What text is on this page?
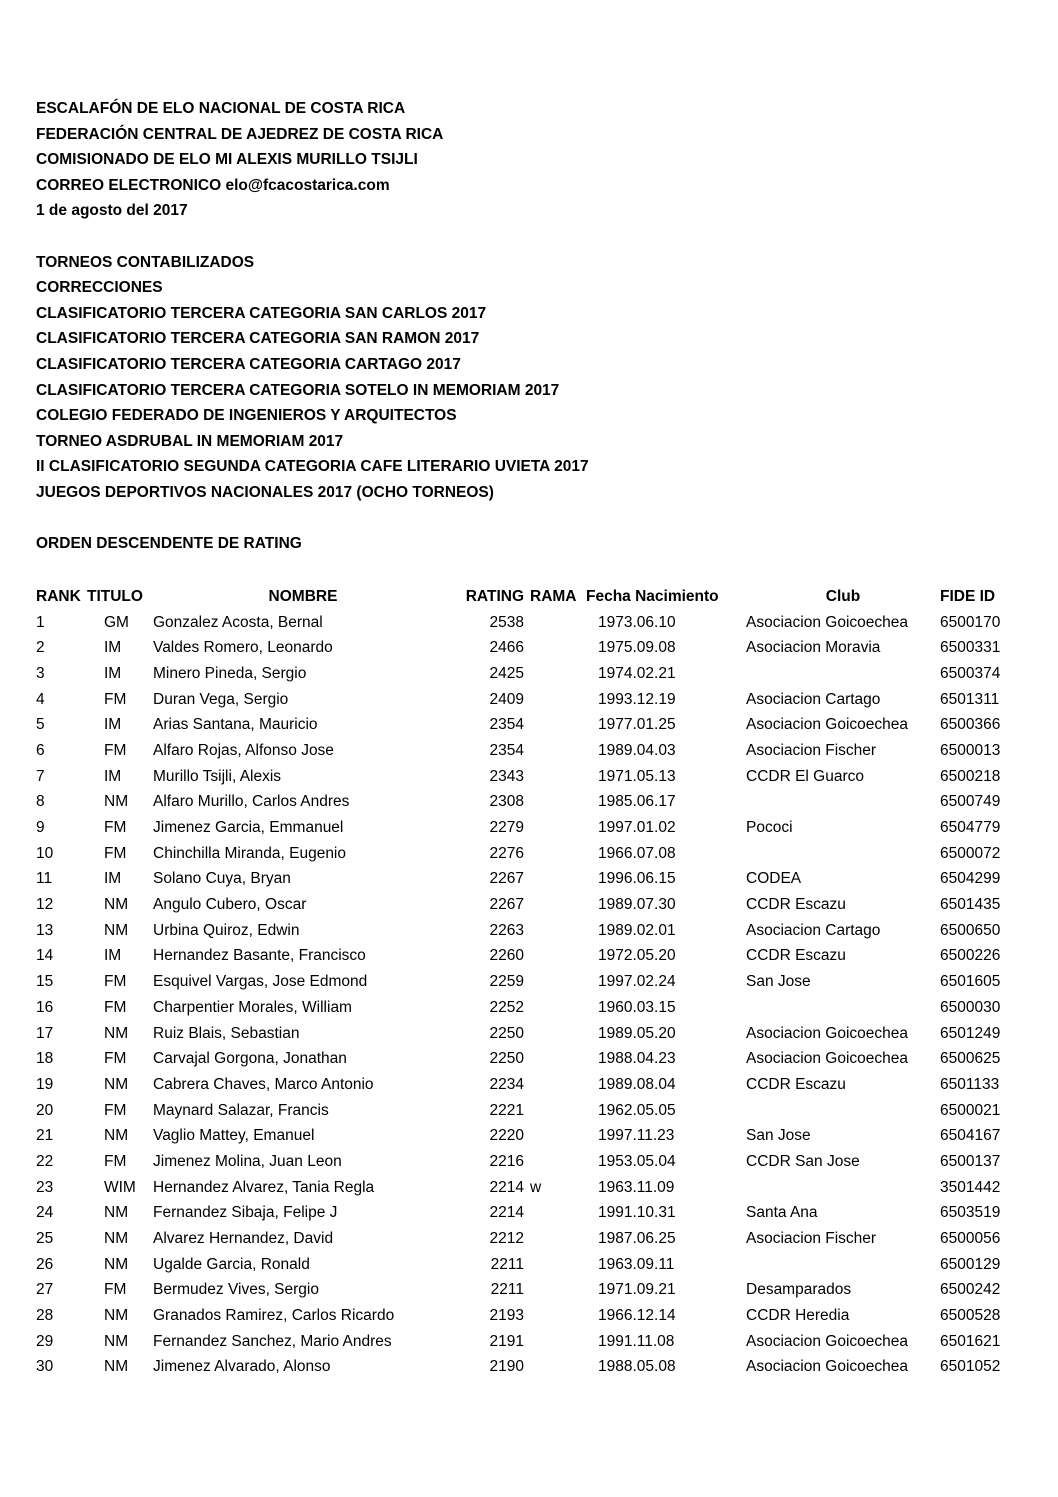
ESCALAFÓN DE ELO NACIONAL DE COSTA RICA
FEDERACIÓN CENTRAL DE AJEDREZ DE COSTA RICA
COMISIONADO DE ELO MI ALEXIS MURILLO TSIJLI
CORREO ELECTRONICO elo@fcacostarica.com
1 de agosto del 2017
TORNEOS CONTABILIZADOS
CORRECCIONES
CLASIFICATORIO TERCERA CATEGORIA SAN CARLOS 2017
CLASIFICATORIO TERCERA CATEGORIA SAN RAMON 2017
CLASIFICATORIO TERCERA CATEGORIA CARTAGO 2017
CLASIFICATORIO TERCERA CATEGORIA SOTELO IN MEMORIAM 2017
COLEGIO FEDERADO DE INGENIEROS Y ARQUITECTOS
TORNEO ASDRUBAL IN MEMORIAM 2017
II CLASIFICATORIO SEGUNDA CATEGORIA CAFE LITERARIO UVIETA 2017
JUEGOS DEPORTIVOS NACIONALES 2017 (OCHO TORNEOS)
ORDEN DESCENDENTE DE RATING
RANK	TITULO	NOMBRE	RATING	RAMA	Fecha Nacimiento	Club	FIDE ID
1	GM	Gonzalez Acosta, Bernal	2538		1973.06.10	Asociacion Goicoechea	6500170
2	IM	Valdes Romero, Leonardo	2466		1975.09.08	Asociacion Moravia	6500331
3	IM	Minero Pineda, Sergio	2425		1974.02.21		6500374
4	FM	Duran Vega, Sergio	2409		1993.12.19	Asociacion Cartago	6501311
5	IM	Arias Santana, Mauricio	2354		1977.01.25	Asociacion Goicoechea	6500366
6	FM	Alfaro Rojas, Alfonso Jose	2354		1989.04.03	Asociacion Fischer	6500013
7	IM	Murillo Tsijli, Alexis	2343		1971.05.13	CCDR El Guarco	6500218
8	NM	Alfaro Murillo, Carlos Andres	2308		1985.06.17		6500749
9	FM	Jimenez Garcia, Emmanuel	2279		1997.01.02	Pococi	6504779
10	FM	Chinchilla Miranda, Eugenio	2276		1966.07.08		6500072
11	IM	Solano Cuya, Bryan	2267		1996.06.15	CODEA	6504299
12	NM	Angulo Cubero, Oscar	2267		1989.07.30	CCDR Escazu	6501435
13	NM	Urbina Quiroz, Edwin	2263		1989.02.01	Asociacion Cartago	6500650
14	IM	Hernandez Basante, Francisco	2260		1972.05.20	CCDR Escazu	6500226
15	FM	Esquivel Vargas, Jose Edmond	2259		1997.02.24	San Jose	6501605
16	FM	Charpentier Morales, William	2252		1960.03.15		6500030
17	NM	Ruiz Blais, Sebastian	2250		1989.05.20	Asociacion Goicoechea	6501249
18	FM	Carvajal Gorgona, Jonathan	2250		1988.04.23	Asociacion Goicoechea	6500625
19	NM	Cabrera Chaves, Marco Antonio	2234		1989.08.04	CCDR Escazu	6501133
20	FM	Maynard Salazar, Francis	2221		1962.05.05		6500021
21	NM	Vaglio Mattey, Emanuel	2220		1997.11.23	San Jose	6504167
22	FM	Jimenez Molina, Juan Leon	2216		1953.05.04	CCDR San Jose	6500137
23	WIM	Hernandez Alvarez, Tania Regla	2214	w	1963.11.09		3501442
24	NM	Fernandez Sibaja, Felipe J	2214		1991.10.31	Santa Ana	6503519
25	NM	Alvarez Hernandez, David	2212		1987.06.25	Asociacion Fischer	6500056
26	NM	Ugalde Garcia, Ronald	2211		1963.09.11		6500129
27	FM	Bermudez Vives, Sergio	2211		1971.09.21	Desamparados	6500242
28	NM	Granados Ramirez, Carlos Ricardo	2193		1966.12.14	CCDR Heredia	6500528
29	NM	Fernandez Sanchez, Mario Andres	2191		1991.11.08	Asociacion Goicoechea	6501621
30	NM	Jimenez Alvarado, Alonso	2190		1988.05.08	Asociacion Goicoechea	6501052
